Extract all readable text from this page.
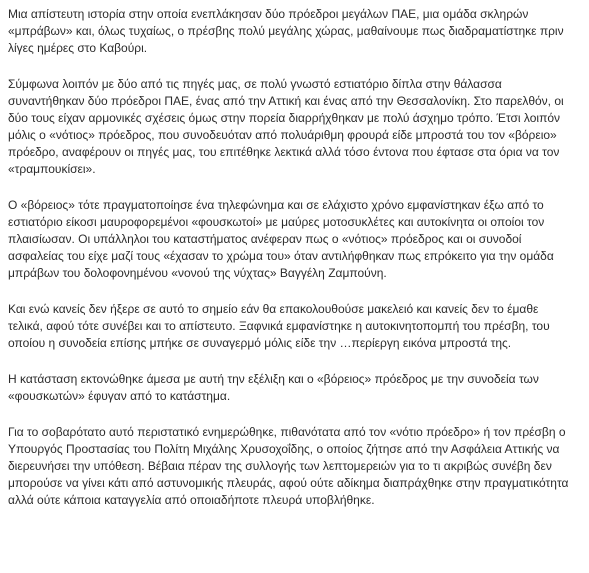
Μια απίστευτη ιστορία στην οποία ενεπλάκησαν δύο πρόεδροι μεγάλων ΠΑΕ, μια ομάδα σκληρών
«μπράβων» και, όλως τυχαίως, ο πρέσβης πολύ μεγάλης χώρας, μαθαίνουμε πως διαδραματίστηκε πριν
λίγες ημέρες στο Καβούρι.

Σύμφωνα λοιπόν με δύο από τις πηγές μας, σε πολύ γνωστό εστιατόριο δίπλα στην θάλασσα
συναντήθηκαν δύο πρόεδροι ΠΑΕ, ένας από την Αττική και ένας από την Θεσσαλονίκη. Στο παρελθόν, οι
δύο τους είχαν αρμονικές σχέσεις όμως στην πορεία διαρρήχθηκαν με πολύ άσχημο τρόπο. Έτσι λοιπόν
μόλις ο «νότιος» πρόεδρος, που συνοδευόταν από πολυάριθμη φρουρά είδε μπροστά του τον «βόρειο»
πρόεδρο, αναφέρουν οι πηγές μας, του επιτέθηκε λεκτικά αλλά τόσο έντονα που έφτασε στα όρια να τον
«τραμπουκίσει».

Ο «βόρειος» τότε πραγματοποίησε ένα τηλεφώνημα και σε ελάχιστο χρόνο εμφανίστηκαν έξω από το
εστιατόριο είκοσι μαυροφορεμένοι «φουσκωτοί» με μαύρες μοτοσυκλέτες και αυτοκίνητα οι οποίοι τον
πλαισίωσαν. Οι υπάλληλοι του καταστήματος ανέφεραν πως ο «νότιος» πρόεδρος και οι συνοδοί
ασφαλείας του είχε μαζί τους «έχασαν το χρώμα του» όταν αντιλήφθηκαν πως επρόκειτο για την ομάδα
μπράβων του δολοφονημένου «νονού της νύχτας» Βαγγέλη Ζαμπούνη.

Και ενώ κανείς δεν ήξερε σε αυτό το σημείο εάν θα επακολουθούσε μακελειό και κανείς δεν το έμαθε
τελικά, αφού τότε συνέβει και το απίστευτο. Ξαφνικά εμφανίστηκε η αυτοκινητοπομπή του πρέσβη, του
οποίου η συνοδεία επίσης μπήκε σε συναγερμό μόλις είδε την …περίεργη εικόνα μπροστά της.

Η κατάσταση εκτονώθηκε άμεσα με αυτή την εξέλιξη και ο «βόρειος» πρόεδρος με την συνοδεία των
«φουσκωτών» έφυγαν από το κατάστημα.

Για το σοβαρότατο αυτό περιστατικό ενημερώθηκε, πιθανότατα από τον «νότιο πρόεδρο» ή τον πρέσβη ο
Υπουργός Προστασίας του Πολίτη Μιχάλης Χρυσοχοΐδης, ο οποίος ζήτησε από την Ασφάλεια Αττικής να
διερευνήσει την υπόθεση. Βέβαια πέραν της συλλογής των λεπτομερειών για το τι ακριβώς συνέβη δεν
μπορούσε να γίνει κάτι από αστυνομικής πλευράς, αφού ούτε αδίκημα διαπράχθηκε στην πραγματικότητα
αλλά ούτε κάποια καταγγελία από οποιαδήποτε πλευρά υποβλήθηκε.
